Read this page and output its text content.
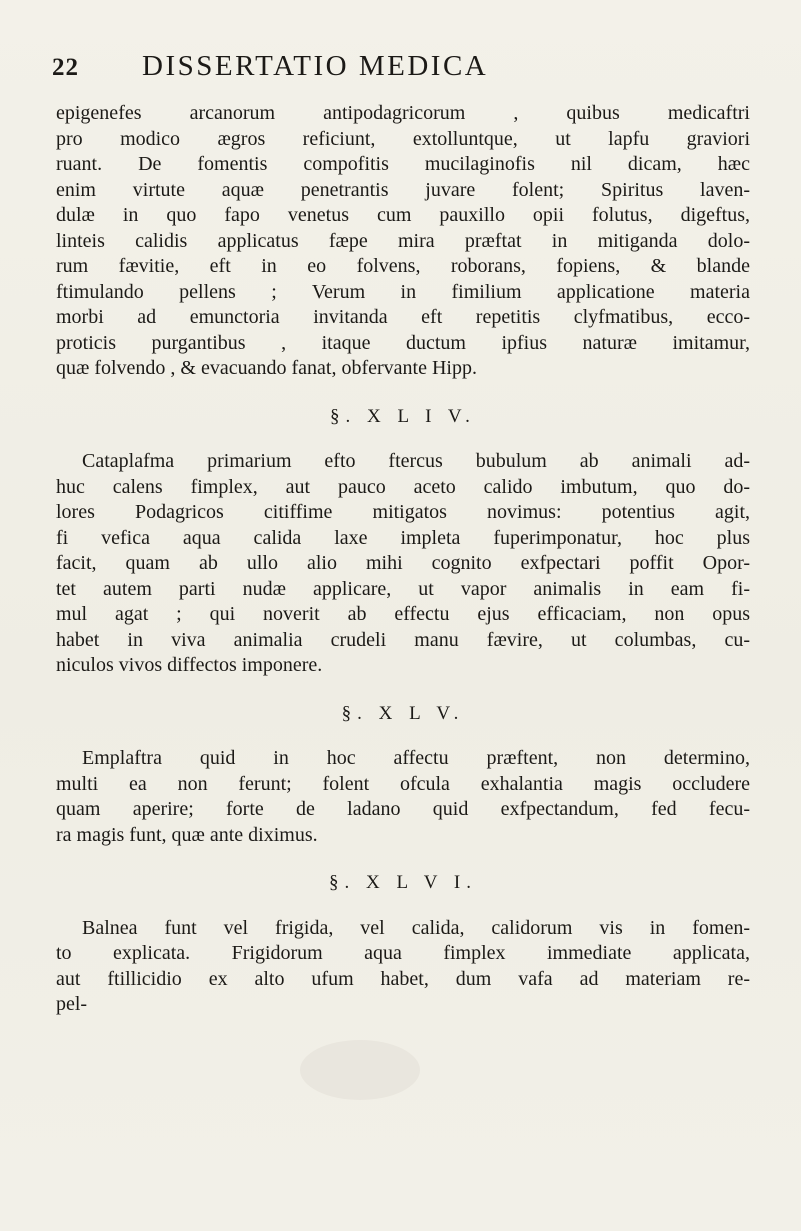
22 DISSERTATIO MEDICA
epigenefes arcanorum antipodagricorum , quibus medicaftri
pro modico ægros reficiunt, extolluntque, ut lapfu graviori
ruant. De fomentis compofitis mucilaginofis nil dicam, hæc
enim virtute aquæ penetrantis juvare folent; Spiritus laven-
dulæ in quo fapo venetus cum pauxillo opii folutus, digeftus,
linteis calidis applicatus fæpe mira præftat in mitiganda dolo-
rum fævitie, eft in eo folvens, roborans, fopiens, & blande
ftimulando pellens ; Verum in fimilium applicatione materia
morbi ad emunctoria invitanda eft repetitis clyfmatibus, ecco-
proticis purgantibus , itaque ductum ipfius naturæ imitamur,
quæ folvendo , & evacuando fanat, obfervante Hipp.
§. X L I V.
Cataplafma primarium efto ftercus bubulum ab animali ad-
huc calens fimplex, aut pauco aceto calido imbutum, quo do-
lores Podagricos citiffime mitigatos novimus: potentius agit,
fi vefica aqua calida laxe impleta fuperimponatur, hoc plus
facit, quam ab ullo alio mihi cognito exfpectari poffit Opor-
tet autem parti nudæ applicare, ut vapor animalis in eam fi-
mul agat ; qui noverit ab effectu ejus efficaciam, non opus
habet in viva animalia crudeli manu fævire, ut columbas, cu-
niculos vivos diffectos imponere.
§. X L V.
Emplaftra quid in hoc affectu præftent, non determino,
multi ea non ferunt; folent ofcula exhalantia magis occludere
quam aperire; forte de ladano quid exfpectandum, fed fecu-
ra magis funt, quæ ante diximus.
§. X L V I.
Balnea funt vel frigida, vel calida, calidorum vis in fomen-
to explicata. Frigidorum aqua fimplex immediate applicata,
aut ftillicidio ex alto ufum habet, dum vafa ad materiam re-
pel-
